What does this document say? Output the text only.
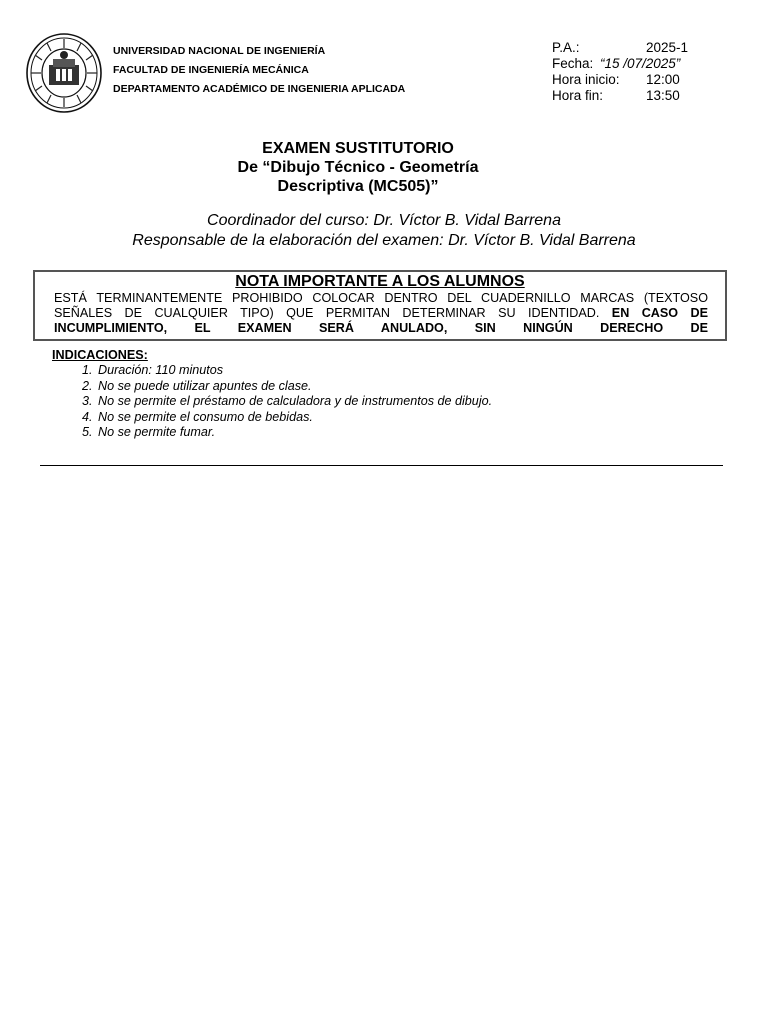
UNIVERSIDAD NACIONAL DE INGENIERÍA
FACULTAD DE INGENIERÍA MECÁNICA
DEPARTAMENTO ACADÉMICO DE INGENIERIA APLICADA
P.A.:	2025-1
Fecha: “15 /07/2025”
Hora inicio:	12:00
Hora fin:	13:50
EXAMEN SUSTITUTORIO
De “Dibujo Técnico - Geometría
Descriptiva (MC505)”
Coordinador del curso: Dr. Víctor B. Vidal Barrena
Responsable de la elaboración del examen: Dr. Víctor B. Vidal Barrena
NOTA IMPORTANTE A LOS ALUMNOS
ESTÁ TERMINANTEMENTE PROHIBIDO COLOCAR DENTRO DEL CUADERNILLO MARCAS (TEXTOSO SEÑALES DE CUALQUIER TIPO) QUE PERMITAN DETERMINAR SU IDENTIDAD. EN CASO DE INCUMPLIMIENTO, EL EXAMEN SERÁ ANULADO, SIN NINGÚN DERECHO DE
INDICACIONES:
1. Duración: 110 minutos
2. No se puede utilizar apuntes de clase.
3. No se permite el préstamo de calculadora y de instrumentos de dibujo.
4. No se permite el consumo de bebidas.
5. No se permite fumar.
